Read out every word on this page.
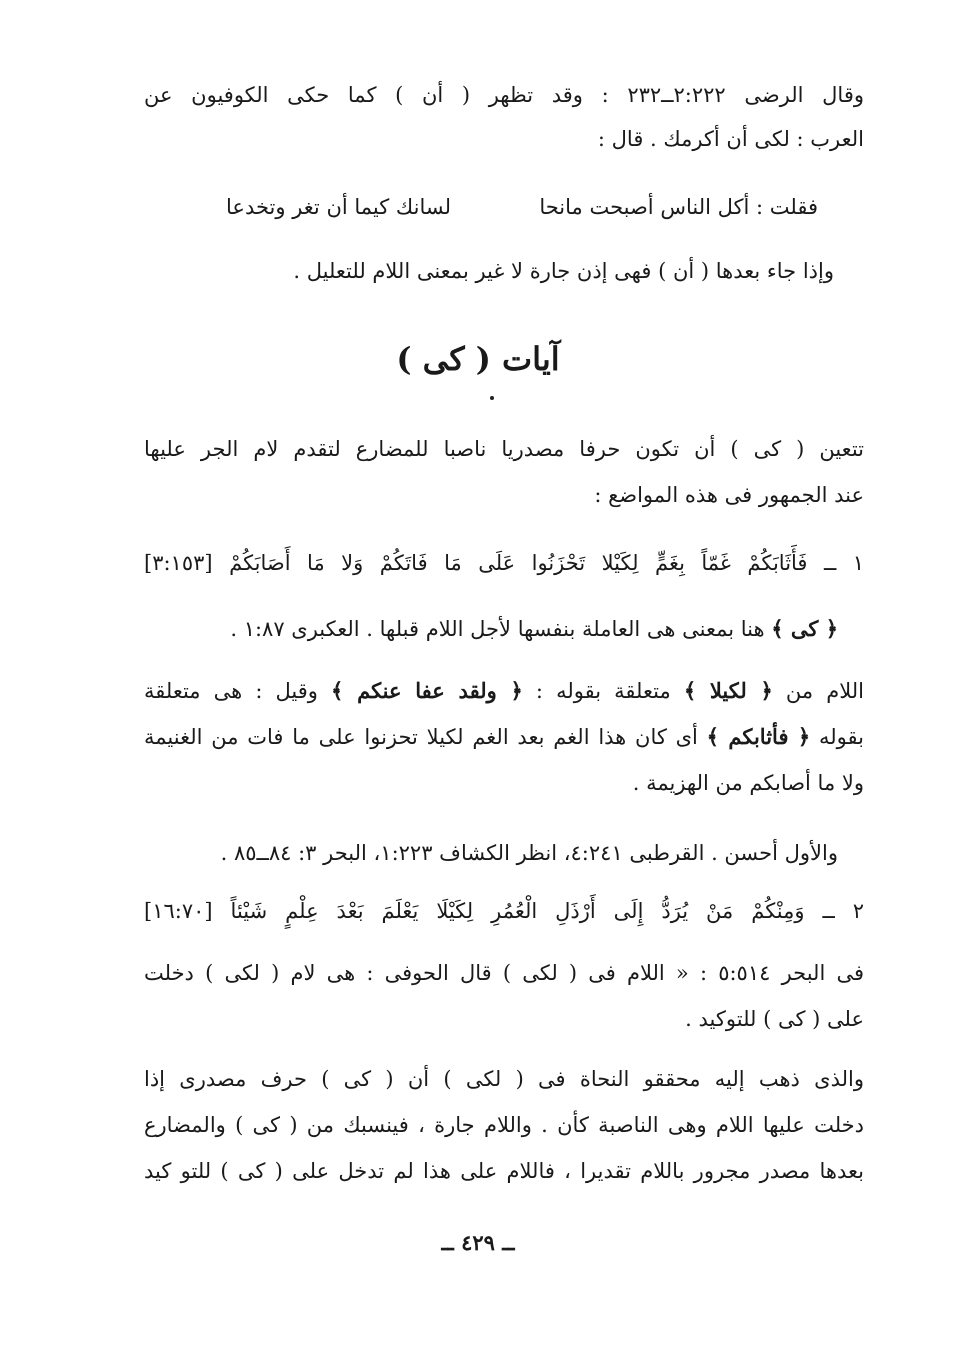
وقال الرضى ٢:٢٢٢ــ٢٣٢ : وقد تظهر ( أن ) كما حكى الكوفيون عن
العرب : لكى أن أكرمك . قال :
فقلت : أكل الناس أصبحت مانحا
لسانك كيما أن تغر وتخدعا
وإذا جاء بعدها ( أن ) فهى إذن جارة لا غير بمعنى اللام للتعليل .
آيات ( كى )
تتعين ( كى ) أن تكون حرفا مصدريا ناصبا للمضارع لتقدم لام الجر عليها
عند الجمهور فى هذه المواضع :
١ ــ فَأَثَابَكُمْ غَمّاً بِغَمٍّ لِكَيْلا تَحْزَنُوا عَلَى مَا فَاتَكُمْ وَلا مَا أَصَابَكُمْ [٣:١٥٣]
﴿ كى ﴾ هنا بمعنى هى العاملة بنفسها لأجل اللام قبلها . العكبرى ١:٨٧ .
اللام من ﴿ لكيلا ﴾ متعلقة بقوله : ﴿ ولقد عفا عنكم ﴾ وقيل : هى متعلقة
بقوله ﴿ فأثابكم ﴾ أى كان هذا الغم بعد الغم لكيلا تحزنوا على ما فات من الغنيمة
ولا ما أصابكم من الهزيمة .
والأول أحسن . القرطبى ٤:٢٤١، انظر الكشاف ١:٢٢٣، البحر ٣: ٨٤ــ٨٥ .
٢ ــ وَمِنْكُمْ مَنْ يُرَدُّ إِلَى أَرْذَلِ الْعُمُرِ لِكَيْلَا يَعْلَمَ بَعْدَ عِلْمٍ شَيْئاً [١٦:٧٠]
فى البحر ٥:٥١٤ : « اللام فى ( لكى ) قال الحوفى : هى لام ( لكى ) دخلت
على ( كى ) للتوكيد .
والذى ذهب إليه محققو النحاة فى ( لكى ) أن ( كى ) حرف مصدرى إذا
دخلت عليها اللام وهى الناصبة كأن . واللام جارة ، فينسبك من ( كى ) والمضارع
بعدها مصدر مجرور باللام تقديرا ، فاللام على هذا لم تدخل على ( كى ) للتو كيد
ــ ٤٢٩ ــ
